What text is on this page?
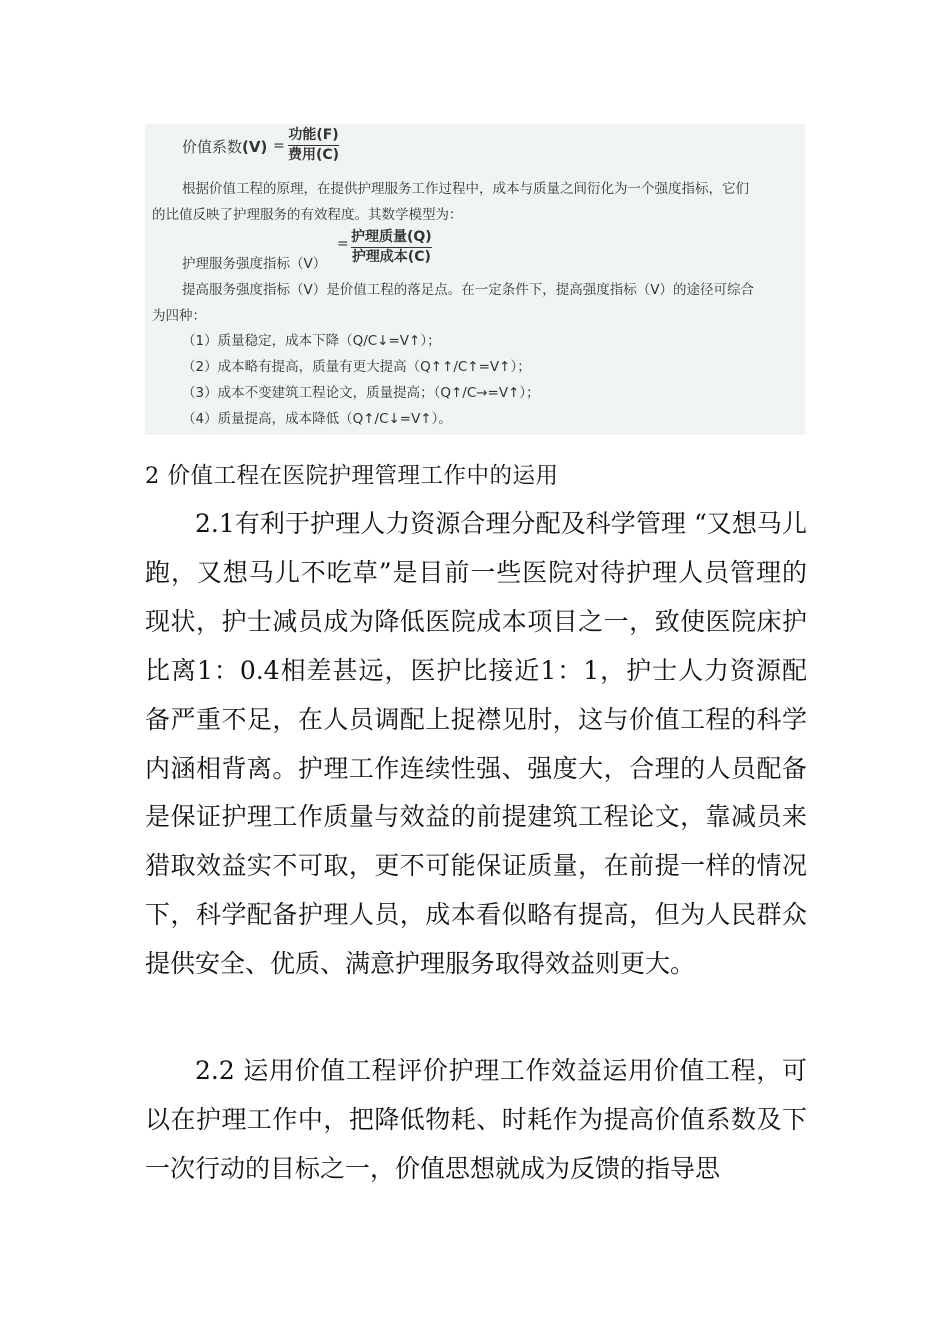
价值系数(V) =
功能(F)
费用(C)
根据价值工程的原理，在提供护理服务工作过程中，成本与质量之间衍化为一个强度指标，它们
的比值反映了护理服务的有效程度。其数学模型为：
护理服务强度指标（V）
= 护理质量(Q)
护理成本(C)
提高服务强度指标（V）是价值工程的落足点。在一定条件下，提高强度指标（V）的途径可综合
为四种：
（1）质量稳定，成本下降（Q/C↓=V↑）；
（2）成本略有提高，质量有更大提高（Q↑↑/C↑=V↑）；
（3）成本不变建筑工程论文，质量提高；（Q↑/C→=V↑）；
（4）质量提高，成本降低（Q↑/C↓=V↑）。
2 价值工程在医院护理管理工作中的运用

2.1有利于护理人力资源合理分配及科学管理 “又想马儿跑，又想马儿不吃草”是目前一些医院对待护理人员管理的现状，护士减员成为降低医院成本项目之一，致使医院床护比离1：0.4相差甚远，医护比接近1：1，护士人力资源配备严重不足，在人员调配上捉襟见肘，这与价值工程的科学内涵相背离。护理工作连续性强、强度大，合理的人员配备是保证护理工作质量与效益的前提建筑工程论文，靠减员来猎取效益实不可取，更不可能保证质量，在前提一样的情况下，科学配备护理人员，成本看似略有提高，但为人民群众提供安全、优质、满意护理服务取得效益则更大。

2.2 运用价值工程评价护理工作效益运用价值工程，可以在护理工作中，把降低物耗、时耗作为提高价值系数及下一次行动的目标之一，价值思想就成为反馈的指导思
